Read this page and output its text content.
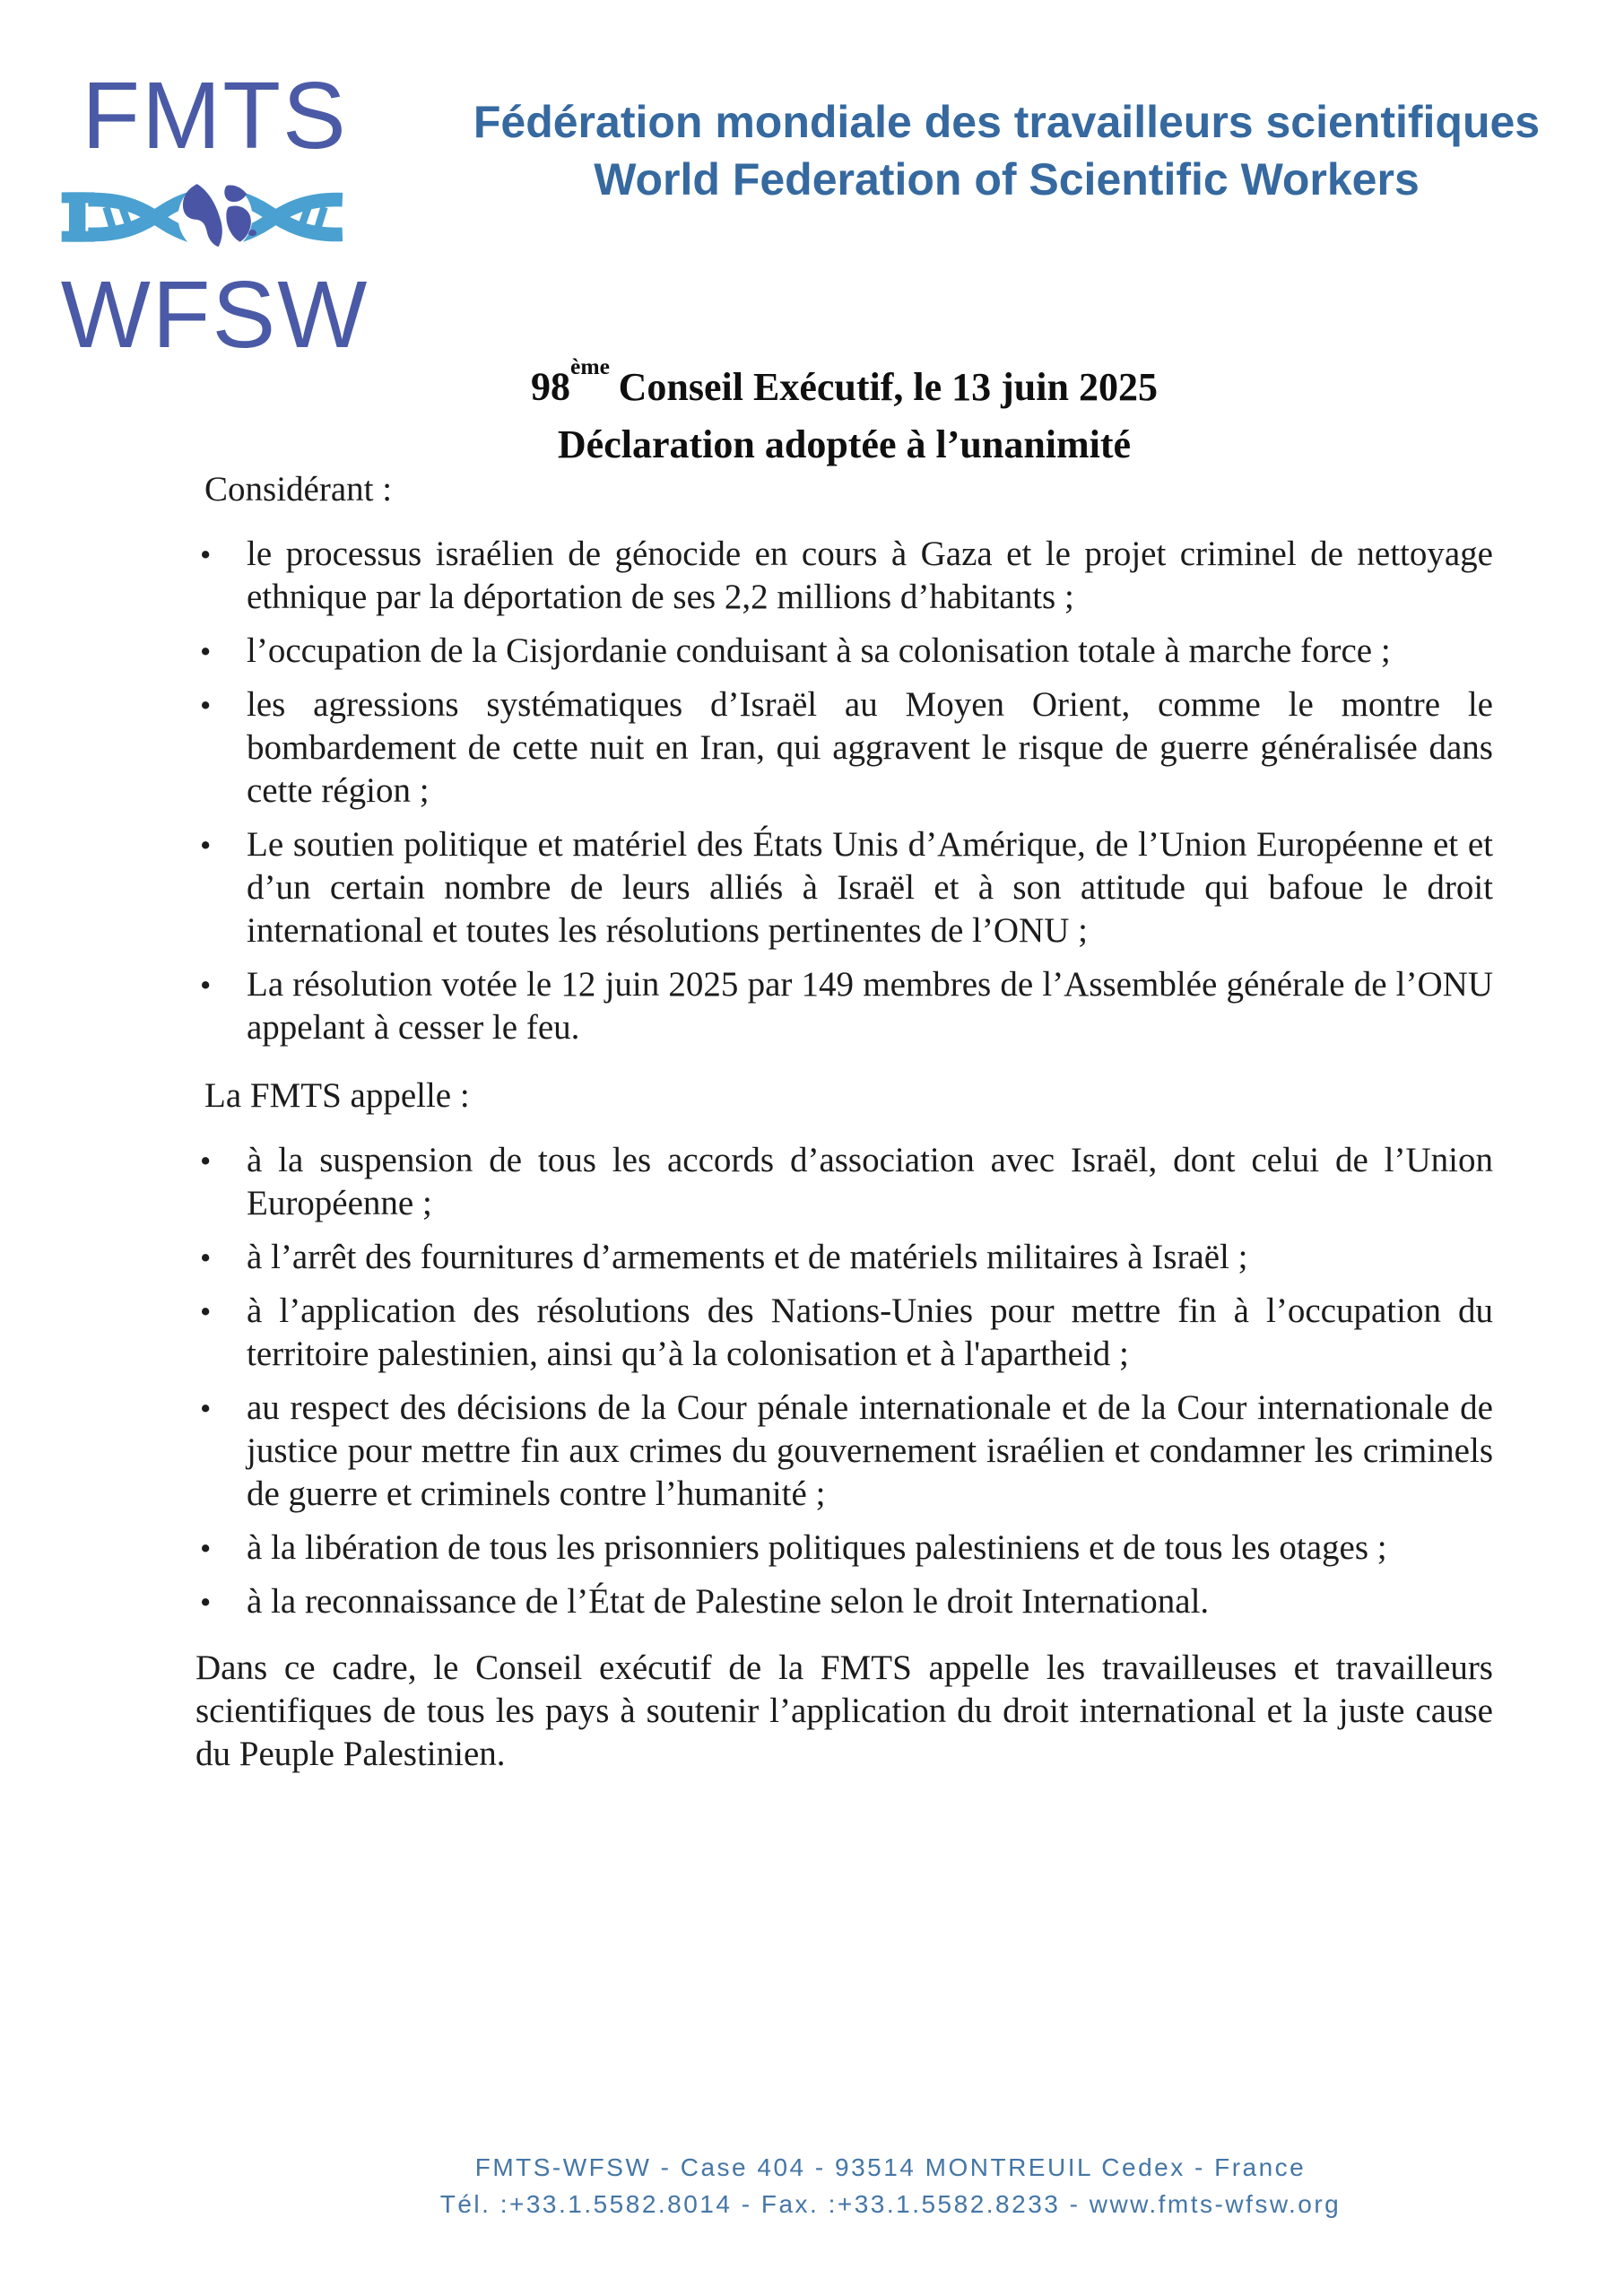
FMTS
WFSW
Fédération mondiale des travailleurs scientifiques
World Federation of Scientific Workers
98ème Conseil Exécutif, le 13 juin 2025
Déclaration adoptée à l’unanimité
Considérant :
•
le processus israélien de génocide en cours à Gaza et le projet criminel de nettoyage ethnique par la déportation de ses 2,2 millions d’habitants ;
•
l’occupation de la Cisjordanie conduisant à sa colonisation totale à marche force ;
•
les agressions systématiques d’Israël au Moyen Orient, comme le montre le bombardement de cette nuit en Iran, qui aggravent le risque de guerre généralisée dans cette région ;
•
Le soutien politique et matériel des États Unis d’Amérique, de l’Union Européenne et et d’un certain nombre de leurs alliés à Israël et à son attitude qui bafoue le droit international et toutes les résolutions pertinentes de l’ONU ;
•
La résolution votée le 12 juin 2025 par 149 membres de l’Assemblée générale de l’ONU appelant à cesser le feu.
La FMTS appelle :
•
à la suspension de tous les accords d’association avec Israël, dont celui de l’Union Européenne ;
•
à l’arrêt des fournitures d’armements et de matériels militaires à Israël ;
•
à l’application des résolutions des Nations-Unies pour mettre fin à l’occupation du territoire palestinien, ainsi qu’à la colonisation et à l'apartheid ;
•
au respect des décisions de la Cour pénale internationale et de la Cour internationale de justice pour mettre fin aux crimes du gouvernement israélien et condamner les criminels de guerre et criminels contre l’humanité ;
•
à la libération de tous les prisonniers politiques palestiniens et de tous les otages ;
•
à la reconnaissance de l’État de Palestine selon le droit International.
Dans ce cadre, le Conseil exécutif de la FMTS appelle les travailleuses et travailleurs scientifiques de tous les pays à soutenir l’application du droit international et la juste cause du Peuple Palestinien.
FMTS-WFSW - Case 404 - 93514 MONTREUIL Cedex - France
Tél. :+33.1.5582.8014 - Fax. :+33.1.5582.8233 - www.fmts-wfsw.org
